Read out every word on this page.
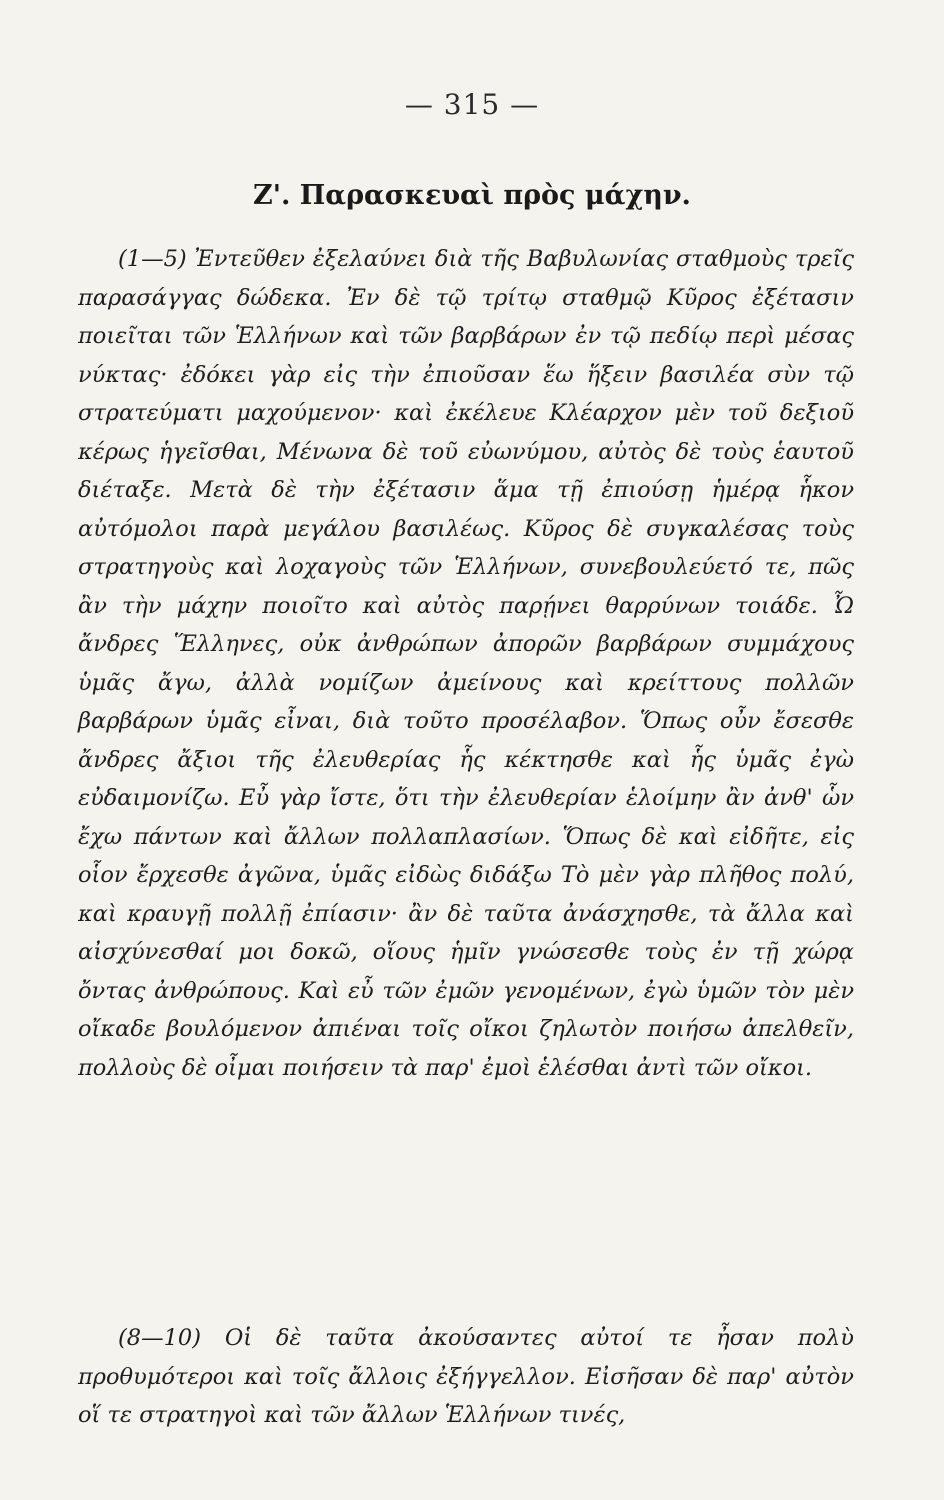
— 315 —
Ζ'. Παρασκευαὶ πρὸς μάχην.

(1—5) Ἐντεῦθεν ἐξελαύνει διὰ τῆς Βαβυλωνίας σταθμοὺς τρεῖς παρασάγγας δώδεκα. Ἐν δὲ τῷ τρίτῳ σταθμῷ Κῦρος ἐξέτασιν ποιεῖται τῶν Ἑλλήνων καὶ τῶν βαρβάρων ἐν τῷ πεδίῳ περὶ μέσας νύκτας· ἐδόκει γὰρ εἰς τὴν ἐπιοῦσαν ἕω ἥξειν βασιλέα σὺν τῷ στρατεύματι μαχούμενον· καὶ ἐκέλευε Κλέαρχον μὲν τοῦ δεξιοῦ κέρως ἡγεῖσθαι, Μένωνα δὲ τοῦ εὐωνύμου, αὐτὸς δὲ τοὺς ἑαυτοῦ διέταξε. Μετὰ δὲ τὴν ἐξέτασιν ἅμα τῇ ἐπιούσῃ ἡμέρᾳ ἧκον αὐτόμολοι παρὰ μεγάλου βασιλέως. Κῦρος δὲ συγκαλέσας τοὺς στρατηγοὺς καὶ λοχαγοὺς τῶν Ἑλλήνων, συνεβουλεύετό τε, πῶς ἂν τὴν μάχην ποιοῖτο καὶ αὐτὸς παρῄνει θαρρύνων τοιάδε. Ὦ ἄνδρες Ἕλληνες, οὐκ ἀνθρώπων ἀπορῶν βαρβάρων συμμάχους ὑμᾶς ἄγω, ἀλλὰ νομίζων ἀμείνους καὶ κρείττους πολλῶν βαρβάρων ὑμᾶς εἶναι, διὰ τοῦτο προσέλαβον. Ὅπως οὖν ἔσεσθε ἄνδρες ἄξιοι τῆς ἐλευθερίας ἧς κέκτησθε καὶ ἧς ὑμᾶς ἐγὼ εὐδαιμονίζω. Εὖ γὰρ ἴστε, ὅτι τὴν ἐλευθερίαν ἑλοίμην ἂν ἀνθ' ὧν ἔχω πάντων καὶ ἄλλων πολλαπλασίων. Ὅπως δὲ καὶ εἰδῆτε, εἰς οἷον ἔρχεσθε ἀγῶνα, ὑμᾶς εἰδὼς διδάξω Τὸ μὲν γὰρ πλῆθος πολύ, καὶ κραυγῇ πολλῇ ἐπίασιν· ἂν δὲ ταῦτα ἀνάσχησθε, τὰ ἄλλα καὶ αἰσχύνεσθαί μοι δοκῶ, οἵους ἡμῖν γνώσεσθε τοὺς ἐν τῇ χώρᾳ ὄντας ἀνθρώπους. Καὶ εὖ τῶν ἐμῶν γενομένων, ἐγὼ ὑμῶν τὸν μὲν οἴκαδε βουλόμενον ἀπιέναι τοῖς οἴκοι ζηλωτὸν ποιήσω ἀπελθεῖν, πολλοὺς δὲ οἶμαι ποιήσειν τὰ παρ' ἐμοὶ ἑλέσθαι ἀντὶ τῶν οἴκοι.

(8—10) Οἱ δὲ ταῦτα ἀκούσαντες αὐτοί τε ἦσαν πολὺ προθυμότεροι καὶ τοῖς ἄλλοις ἐξήγγελλον. Εἰσῆσαν δὲ παρ' αὐτὸν οἵ τε στρατηγοὶ καὶ τῶν ἄλλων Ἑλλήνων τινές,
